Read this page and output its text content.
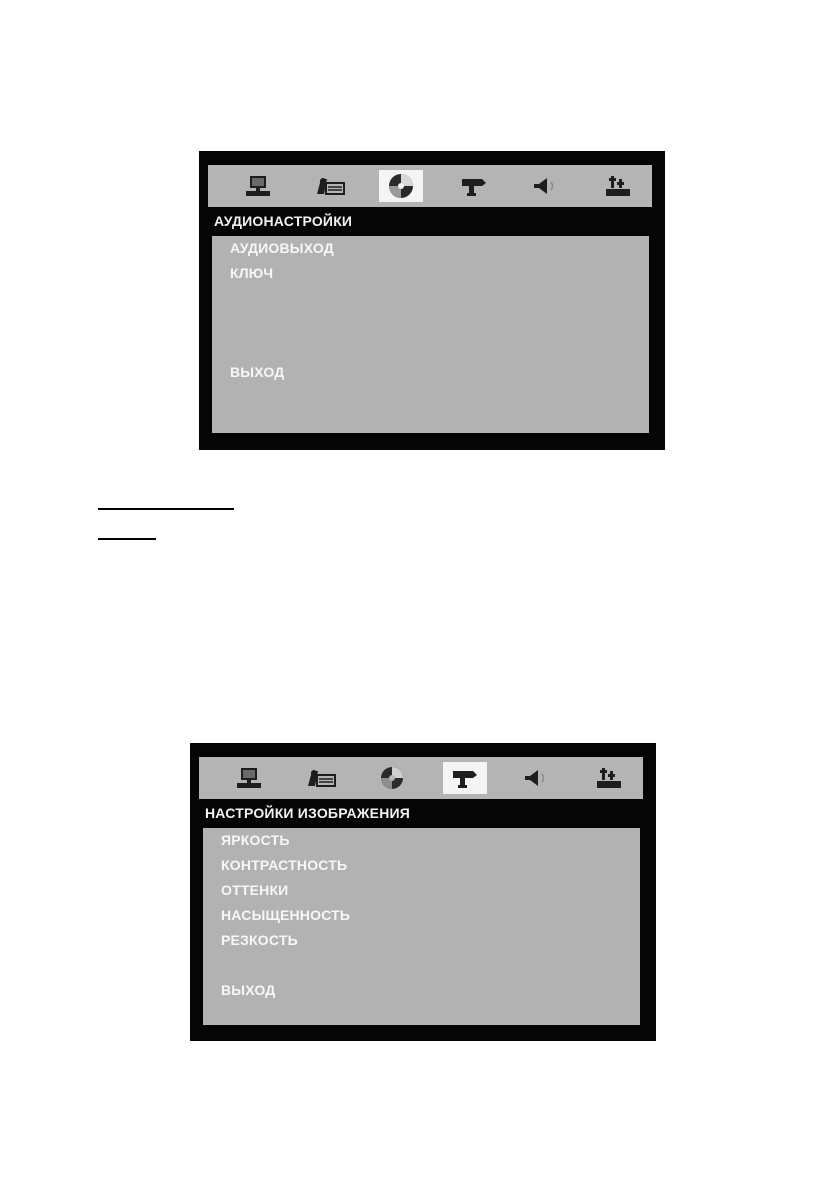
АУДИОНАСТРОЙКИ
АУДИОВЫХОД
КЛЮЧ
ВЫХОД
НАСТРОЙКИ ИЗОБРАЖЕНИЯ
ЯРКОСТЬ
КОНТРАСТНОСТЬ
ОТТЕНКИ
НАСЫЩЕННОСТЬ
РЕЗКОСТЬ
ВЫХОД
